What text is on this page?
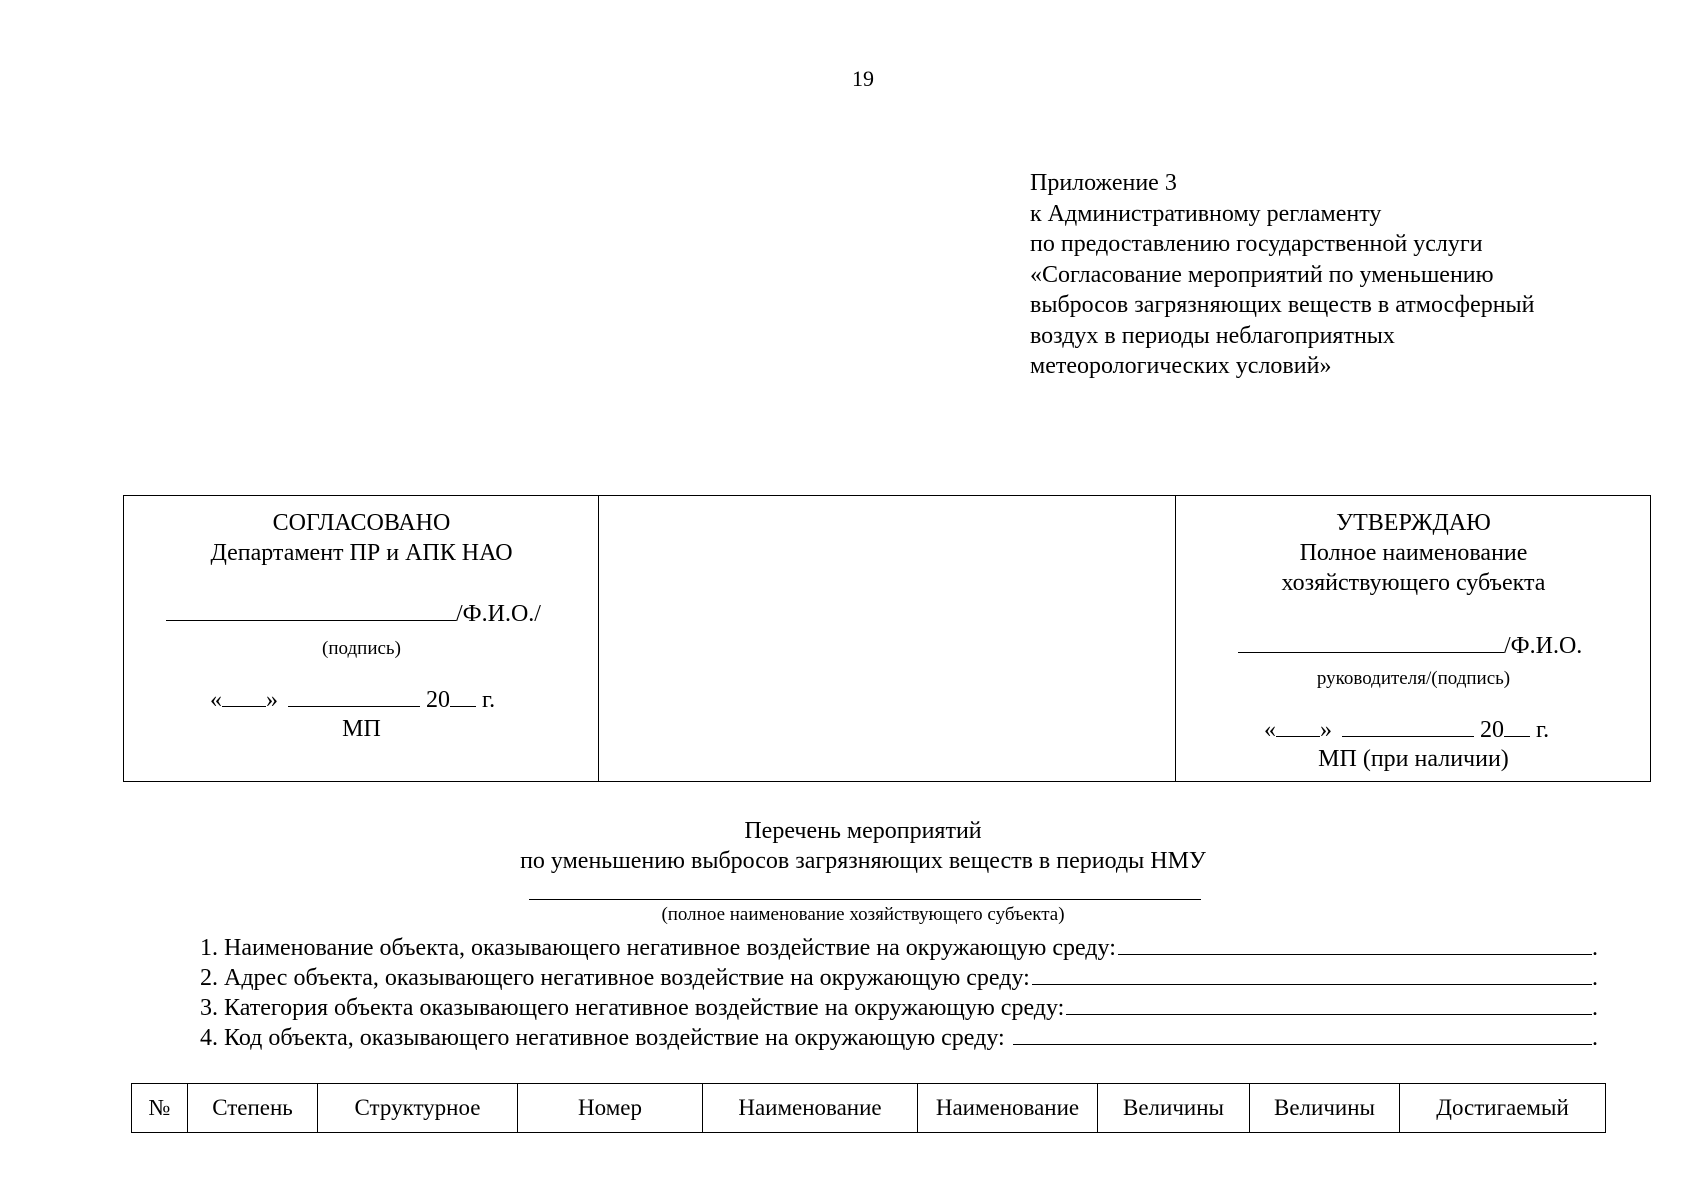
19
Приложение 3
к Административному регламенту
по предоставлению государственной услуги
«Согласование мероприятий по уменьшению
выбросов загрязняющих веществ в атмосферный
воздух в периоды неблагоприятных
метеорологических условий»
СОГЛАСОВАНО
Департамент ПР и АПК НАО
/Ф.И.О./
(подпись)
« »	20 г.
МП

УТВЕРЖДАЮ
Полное наименование
хозяйствующего субъекта
/Ф.И.О.
руководителя/(подпись)
« »	20 г.
МП (при наличии)
Перечень мероприятий
по уменьшению выбросов загрязняющих веществ в периоды НМУ
(полное наименование хозяйствующего субъекта)
1. Наименование объекта, оказывающего негативное воздействие на окружающую среду:	.
2. Адрес объекта, оказывающего негативное воздействие на окружающую среду:	.
3. Категория объекта оказывающего негативное воздействие на окружающую среду:	.
4. Код объекта, оказывающего негативное воздействие на окружающую среду:	.
№	Степень	Структурное	Номер	Наименование	Наименование	Величины	Величины	Достигаемый
